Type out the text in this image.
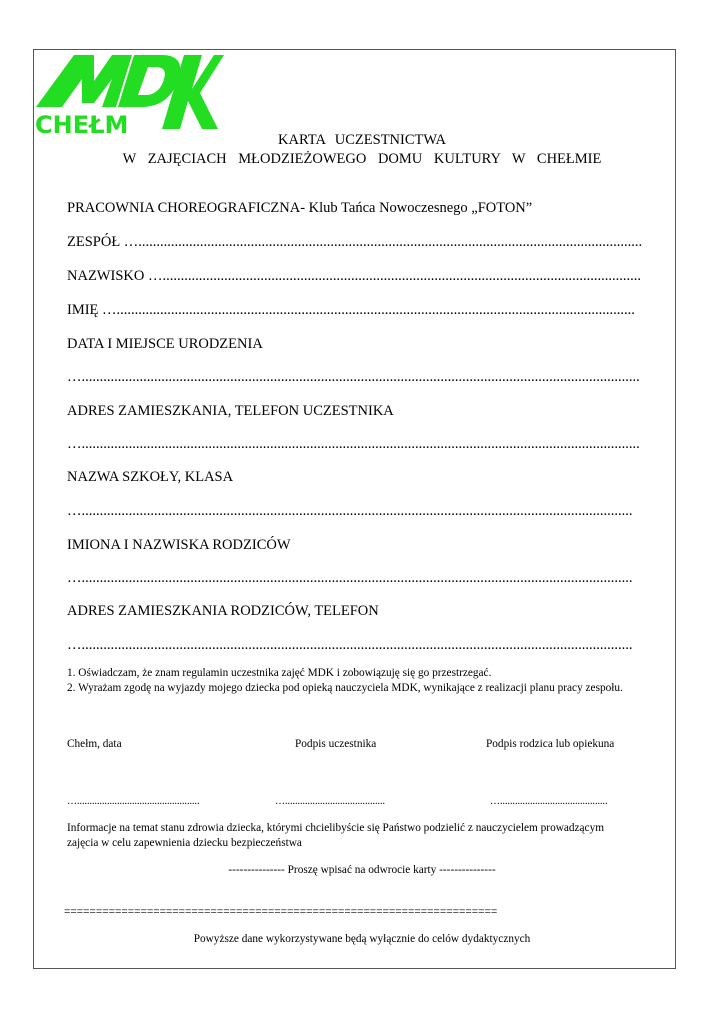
CHEŁM
KARTA UCZESTNICTWA
W ZAJĘCIACH MŁODZIEŻOWEGO DOMU KULTURY W CHEŁMIE
PRACOWNIA CHOREOGRAFICZNA- Klub Tańca Nowoczesnego „FOTON”
ZESPÓŁ …...........................................................................................................................................
NAZWISKO …....................................................................................................................................
IMIĘ …...............................................................................................................................................
DATA I MIEJSCE URODZENIA
…..........................................................................................................................................................
ADRES ZAMIESZKANIA, TELEFON UCZESTNIKA
…..........................................................................................................................................................
NAZWA SZKOŁY, KLASA
…........................................................................................................................................................
IMIONA I NAZWISKA RODZICÓW
…........................................................................................................................................................
ADRES ZAMIESZKANIA RODZICÓW, TELEFON
…........................................................................................................................................................
1. Oświadczam, że znam regulamin uczestnika zajęć MDK i zobowiązuję się go przestrzegać.
2. Wyrażam zgodę na wyjazdy mojego dziecka pod opieką nauczyciela MDK, wynikające z realizacji planu pracy zespołu.
Chełm, data	Podpis uczestnika	Podpis rodzica lub opiekuna
….................................................	…........................................	…...........................................
Informacje na temat stanu zdrowia dziecka, którymi chcielibyście się Państwo podzielić z nauczycielem prowadzącym
zajęcia w celu zapewnienia dziecku bezpieczeństwa
--------------- Proszę wpisać na odwrocie karty ---------------
====================================================================
Powyższe dane wykorzystywane będą wyłącznie do celów dydaktycznych
